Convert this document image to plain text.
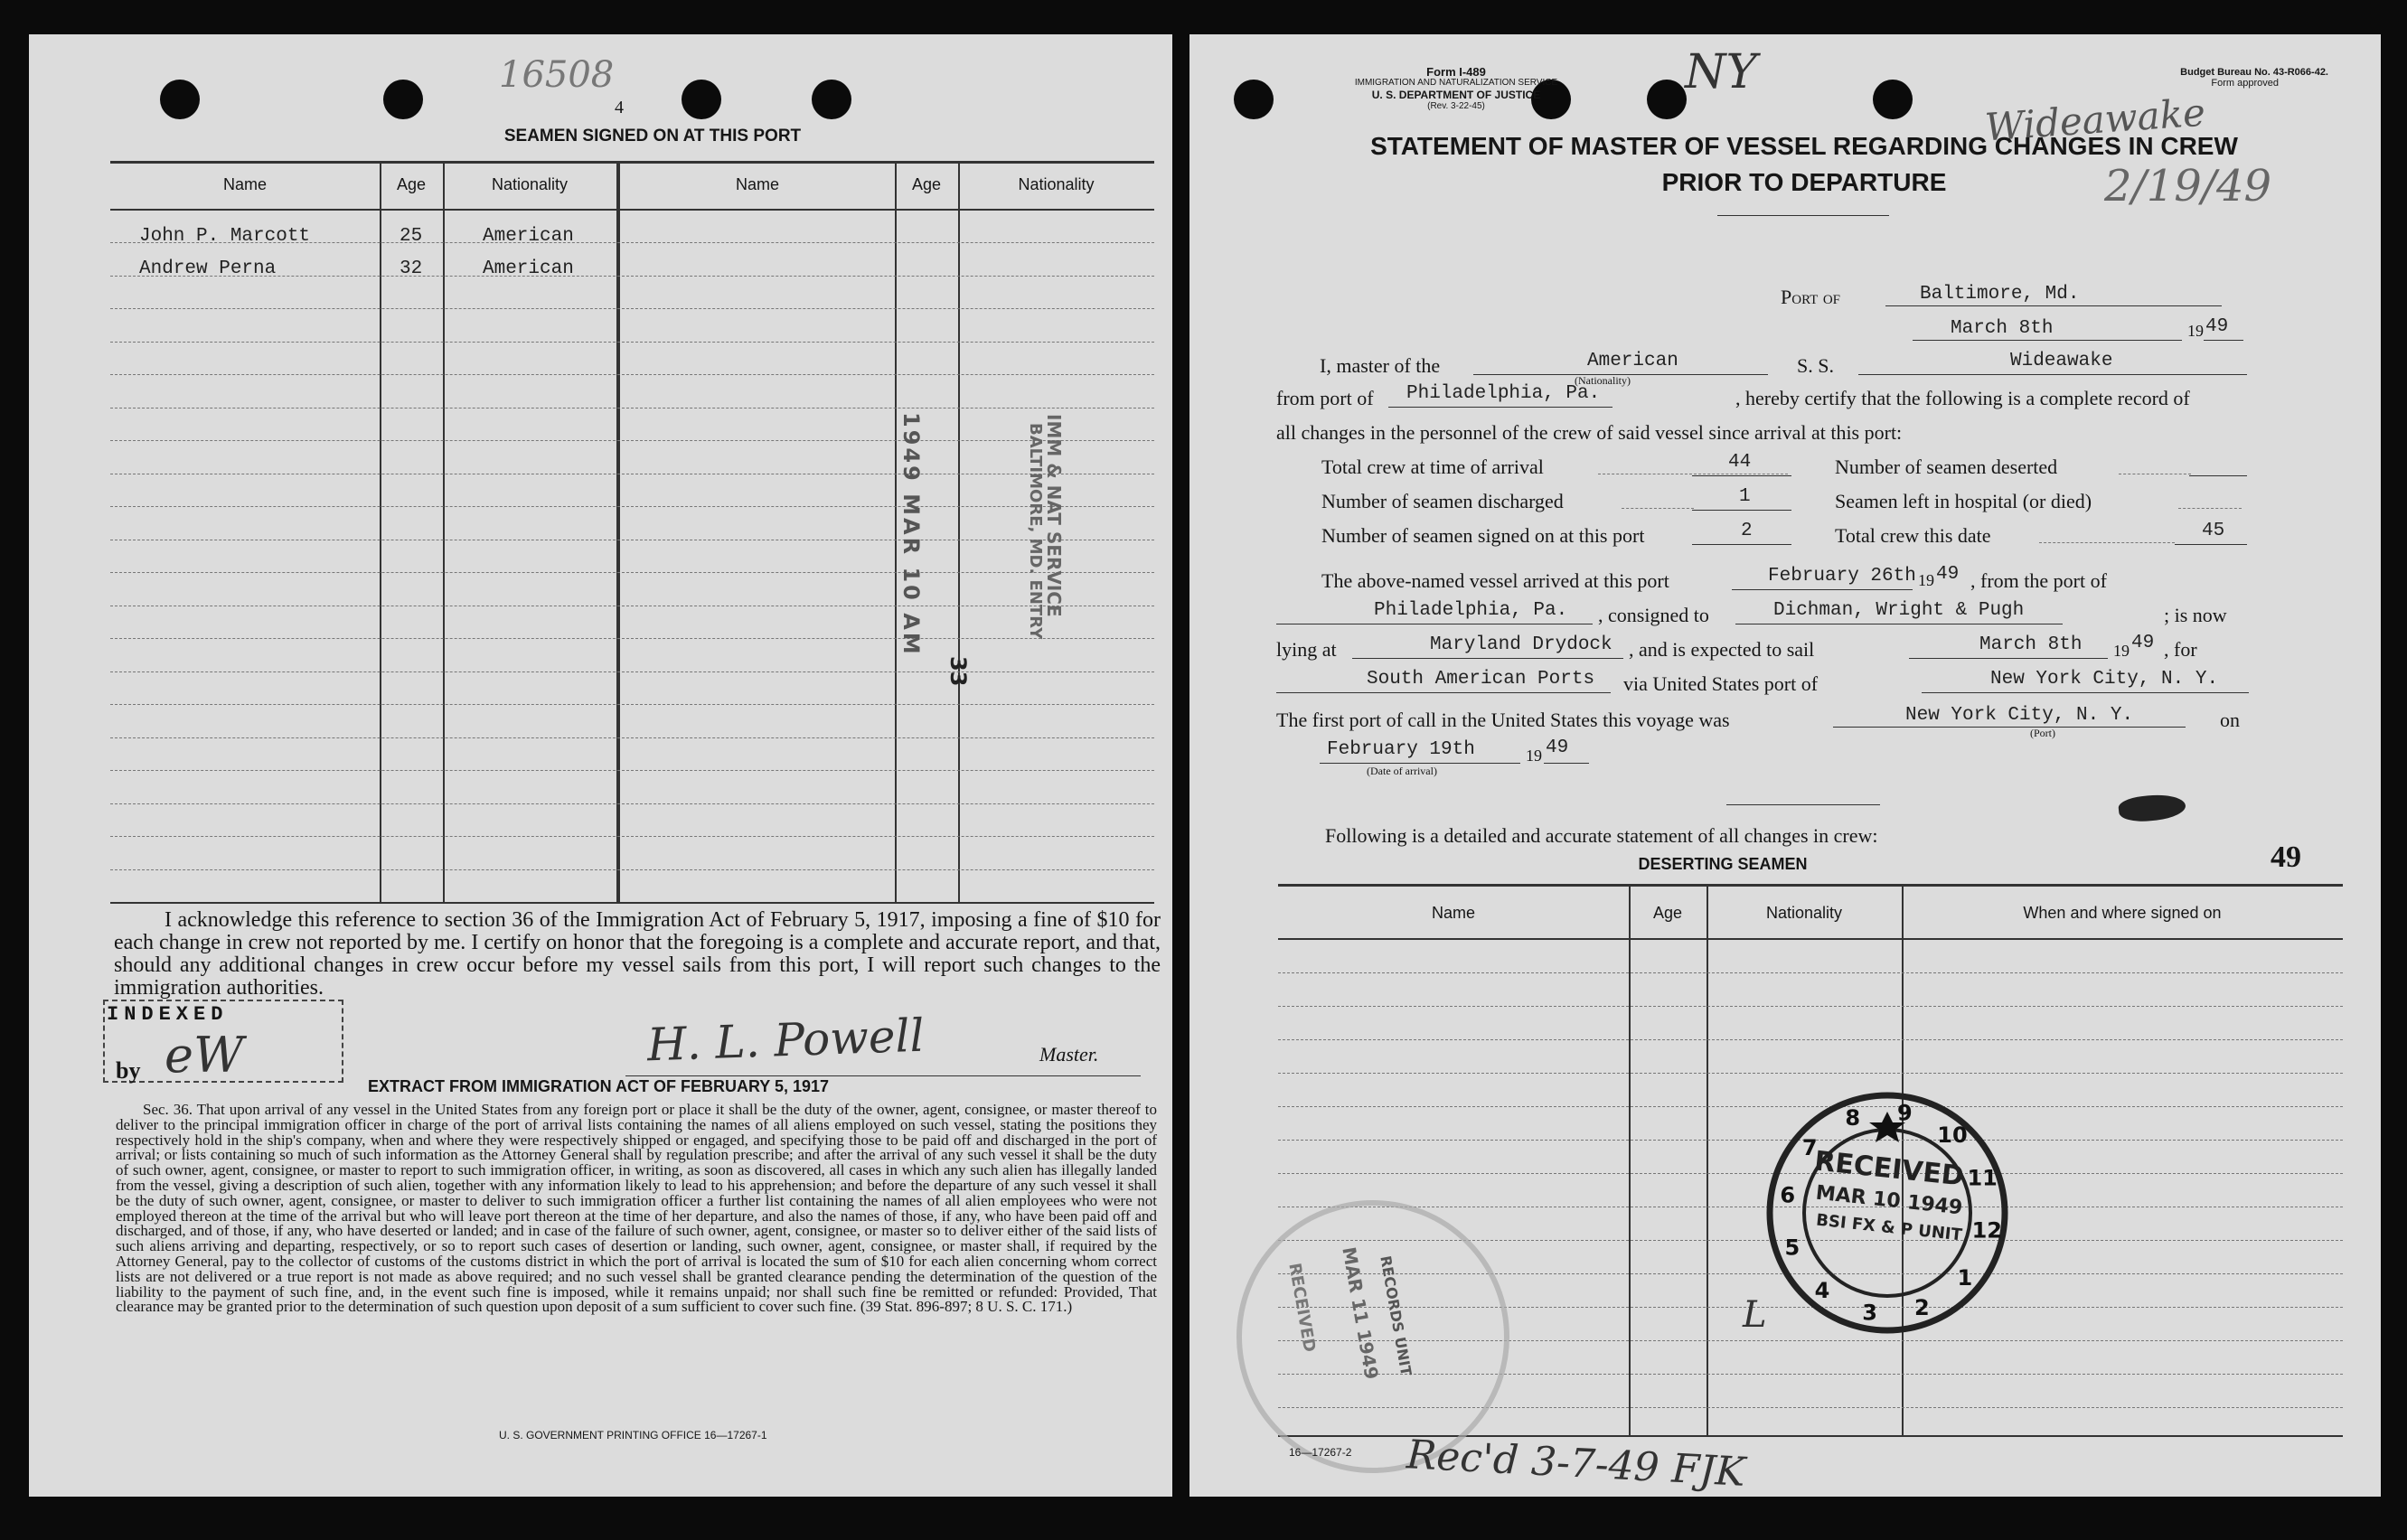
16508
4
SEAMEN SIGNED ON AT THIS PORT
Name	Age	Nationality	Name	Age	Nationality
John P. Marcott	25	American
Andrew Perna	32	American
1949 MAR 10 AM	IMM & NAT SERVICE
BALTIMORE, MD. ENTRY
33
I acknowledge this reference to section 36 of the Immigration Act of February 5, 1917, imposing a fine of $10 for each change in crew not reported by me. I certify on honor that the foregoing is a complete and accurate report, and that, should any additional changes in crew occur before my vessel sails from this port, I will report such changes to the immigration authorities.
INDEXED
by eW	H. L. Powell	Master.
EXTRACT FROM IMMIGRATION ACT OF FEBRUARY 5, 1917
Sec. 36. That upon arrival of any vessel in the United States from any foreign port or place it shall be the duty of the owner, agent, consignee, or master thereof to deliver to the principal immigration officer in charge of the port of arrival lists containing the names of all aliens employed on such vessel, stating the positions they respectively hold in the ship's company, when and where they were respectively shipped or engaged, and specifying those to be paid off and discharged in the port of arrival; or lists containing so much of such information as the Attorney General shall by regulation prescribe; and after the arrival of any such vessel it shall be the duty of such owner, agent, consignee, or master to report to such immigration officer, in writing, as soon as discovered, all cases in which any such alien has illegally landed from the vessel, giving a description of such alien, together with any information likely to lead to his apprehension; and before the departure of any such vessel it shall be the duty of such owner, agent, consignee, or master to deliver to such immigration officer a further list containing the names of all alien employees who were not employed thereon at the time of the arrival but who will leave port thereon at the time of her departure, and also the names of those, if any, who have been paid off and discharged, and of those, if any, who have deserted or landed; and in case of the failure of such owner, agent, consignee, or master so to deliver either of the said lists of such aliens arriving and departing, respectively, or so to report such cases of desertion or landing, such owner, agent, consignee, or master shall, if required by the Attorney General, pay to the collector of customs of the customs district in which the port of arrival is located the sum of $10 for each alien concerning whom correct lists are not delivered or a true report is not made as above required; and no such vessel shall be granted clearance pending the determination of the question of the liability to the payment of such fine, and, in the event such fine is imposed, while it remains unpaid; nor shall such fine be remitted or refunded: Provided, That clearance may be granted prior to the determination of such question upon deposit of a sum sufficient to cover such fine. (39 Stat. 896-897; 8 U. S. C. 171.)
U. S. GOVERNMENT PRINTING OFFICE 16—17267-1
Form I-489
IMMIGRATION AND NATURALIZATION SERVICE
U. S. DEPARTMENT OF JUSTICE
(Rev. 3-22-45)
NY
Wideawake
2/19/49
Budget Bureau No. 43-R066-42.
Form approved
STATEMENT OF MASTER OF VESSEL REGARDING CHANGES IN CREW
PRIOR TO DEPARTURE
Port of	Baltimore, Md.
March 8th	19 49
I, master of the	American
(Nationality)
S. S.	Wideawake
from port of Philadelphia, Pa.	, hereby certify that the following is a complete record of
all changes in the personnel of the crew of said vessel since arrival at this port:
Total crew at time of arrival	44	Number of seamen deserted
Number of seamen discharged	1	Seamen left in hospital (or died)
Number of seamen signed on at this port	2	Total crew this date	45
The above-named vessel arrived at this port	February 26th 19 49 , from the port of
Philadelphia, Pa. , consigned to	Dichman, Wright & Pugh	; is now
lying at	Maryland Drydock , and is expected to sail	March 8th 19 49 , for
South American Ports via United States port of	New York City, N. Y.
The first port of call in the United States this voyage was	New York City, N. Y.
(Port)
on
February 19th
(Date of arrival)
19 49
Following is a detailed and accurate statement of all changes in crew:
DESERTING SEAMEN	49
Name	Age	Nationality	When and where signed on
L
RECEIVED MAR 11 1949
RECORDS UNIT
8 9
10
11
12
1
2
3
4
5
6
7
RECEIVED
MAR 10 1949
BSI FX & P UNIT
16—17267-2 Rec'd 3-7-49 FJK
